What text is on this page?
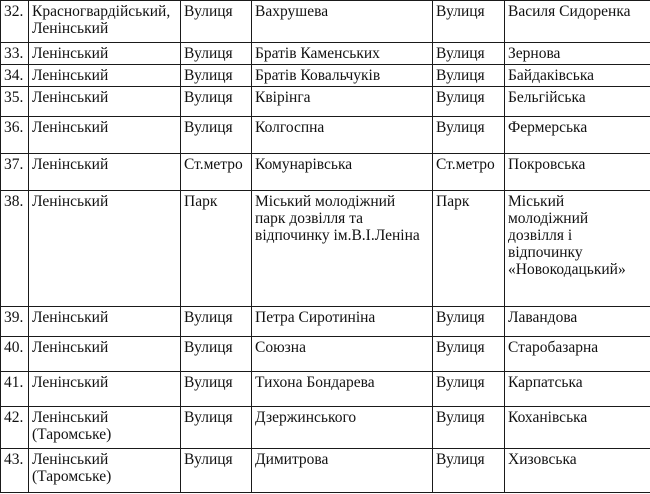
32.	Красногвардійський, Ленінський	Вулиця	Вахрушева	Вулиця	Василя Сидоренка
33.	Ленінський	Вулиця	Братів Каменських	Вулиця	Зернова
34.	Ленінський	Вулиця	Братів Ковальчуків	Вулиця	Байдаківська
35.	Ленінський	Вулиця	Квірінга	Вулиця	Бельгійська
36.	Ленінський	Вулиця	Колгоспна	Вулиця	Фермерська
37.	Ленінський	Ст.метро	Комунарівська	Ст.метро	Покровська
38.	Ленінський	Парк	Міський молодіжний парк дозвілля та відпочинку ім.В.І.Леніна	Парк	Міський молодіжний дозвілля і відпочинку «Новокодацький»
39.	Ленінський	Вулиця	Петра Сиротиніна	Вулиця	Лавандова
40.	Ленінський	Вулиця	Союзна	Вулиця	Старобазарна
41.	Ленінський	Вулиця	Тихона Бондарева	Вулиця	Карпатська
42.	Ленінський (Таромське)	Вулиця	Дзержинського	Вулиця	Коханівська
43.	Ленінський (Таромське)	Вулиця	Димитрова	Вулиця	Хизовська
